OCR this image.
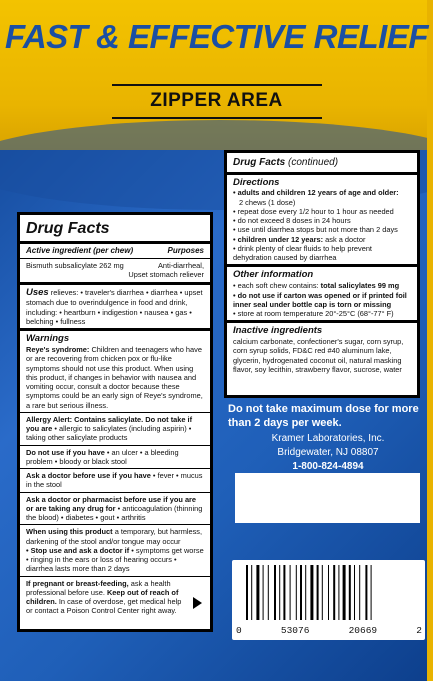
FAST & EFFECTIVE RELIEF
ZIPPER AREA
Drug Facts
Active ingredient (per chew)	Purposes
Bismuth subsalicylate 262 mg	Anti-diarrheal,
Upset stomach reliever
Uses relieves: • traveler's diarrhea • diarrhea • upset stomach due to overindulgence in food and drink, including: • heartburn • indigestion • nausea • gas • belching • fullness
Warnings
Reye's syndrome: Children and teenagers who have or are recovering from chicken pox or flu-like symptoms should not use this product. When using this product, if changes in behavior with nausea and vomiting occur, consult a doctor because these symptoms could be an early sign of Reye's syndrome, a rare but serious illness.
Allergy Alert: Contains salicylate. Do not take if you are • allergic to salicylates (including aspirin) • taking other salicylate products
Do not use if you have • an ulcer • a bleeding problem • bloody or black stool
Ask a doctor before use if you have • fever • mucus in the stool
Ask a doctor or pharmacist before use if you are or are taking any drug for • anticoagulation (thinning the blood) • diabetes • gout • arthritis
When using this product a temporary, but harmless, darkening of the stool and/or tongue may occur
• Stop use and ask a doctor if • symptoms get worse • ringing in the ears or loss of hearing occurs • diarrhea lasts more than 2 days
If pregnant or breast-feeding, ask a health professional before use. Keep out of reach of children. In case of overdose, get medical help or contact a Poison Control Center right away.
Drug Facts (continued)
Directions
• adults and children 12 years of age and older:
2 chews (1 dose)
• repeat dose every 1/2 hour to 1 hour as needed
• do not exceed 8 doses in 24 hours
• use until diarrhea stops but not more than 2 days
• children under 12 years: ask a doctor
• drink plenty of clear fluids to help prevent dehydration caused by diarrhea
Other information
• each soft chew contains: total salicylates 99 mg
• do not use if carton was opened or if printed foil inner seal under bottle cap is torn or missing
• store at room temperature 20°-25°C (68°-77° F)
Inactive ingredients
calcium carbonate, confectioner's sugar, corn syrup, corn syrup solids, FD&C red #40 aluminum lake, glycerin, hydrogenated coconut oil, natural masking flavor, soy lecithin, strawberry flavor, sucrose, water
Do not take maximum dose for more than 2 days per week.
Kramer Laboratories, Inc.
Bridgewater, NJ 08807
1-800-824-4894
0	53076	20669	2
